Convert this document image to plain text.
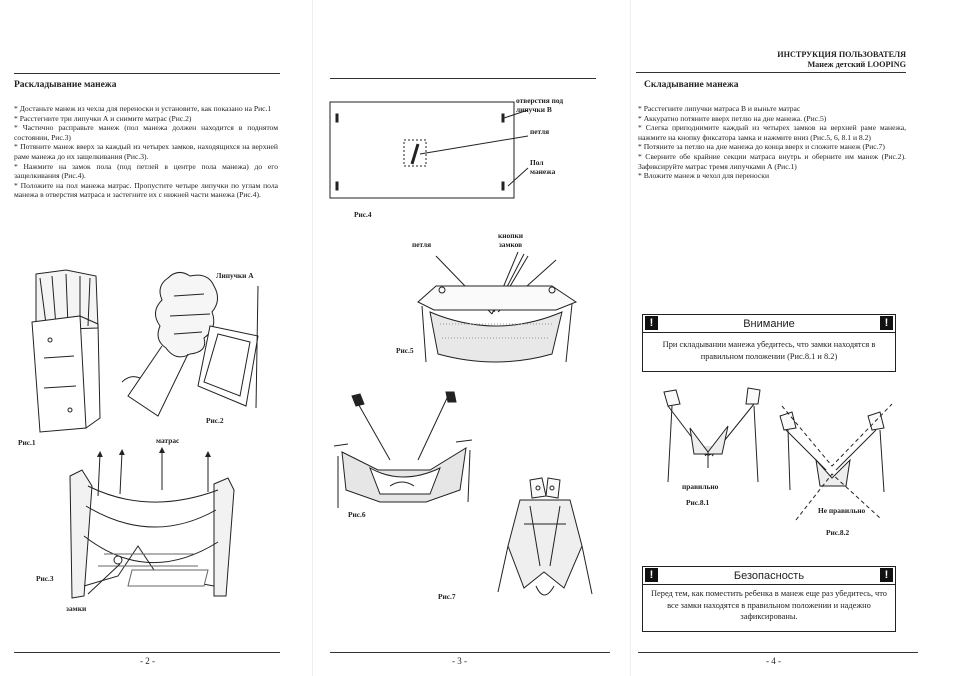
Раскладывание манежа
* Достаньте манеж из чехла для переноски и установите, как показано на Рис.1
* Расстегните три липучки А и снимите матрас (Рис.2)
* Частично расправьте манеж (пол манежа должен находится в поднятом состоянии, Рис.3)
* Потяните манеж вверх за каждый из четырех замков, находящихся на верхней раме манежа до их защелкивания (Рис.3).
* Нажмите на замок пола (под петлей в центре пола манежа) до его защелкивания (Рис.4).
* Положите на пол манежа матрас. Пропустите четыре липучки по углам пола манежа в отверстия матраса и застегните их с нижней части манежа (Рис.4).
Рис.1
Липучки А
Рис.2
матрас
Рис.3
замки
- 2 -
отверстия под
липучки В
петля
Пол
манежа
Рис.4
петля
кнопки
замков
Рис.5
Рис.6
Рис.7
- 3 -
ИНСТРУКЦИЯ ПОЛЬЗОВАТЕЛЯ
Манеж детский LOOPING
Складывание манежа
* Расстегните липучки матраса В и выньте матрас
* Аккуратно потяните вверх петлю на дне манежа. (Рис.5)
* Слегка приподнимите каждый из четырех замков на верхней раме манежа, нажмите на кнопку фиксатора замка и нажмите вниз (Рис.5, 6, 8.1 и 8.2)
* Потяните за петлю на дне манежа до конца вверх и сложите манеж (Рис.7)
* Сверните обе крайние секции матраса внутрь и оберните им манеж (Рис.2). Зафиксируйте матрас тремя липучками А (Рис.1)
* Вложите манеж в чехол для переноски
!	Внимание	!
При складывании манежа убедитесь, что замки находятся в правильном положении (Рис.8.1 и 8.2)
правильно
Рис.8.1
Не правильно
Рис.8.2
!	Безопасность	!
Перед тем, как поместить ребенка в манеж еще раз убедитесь, что все замки находятся в правильном положении и надежно зафиксированы.
- 4 -
